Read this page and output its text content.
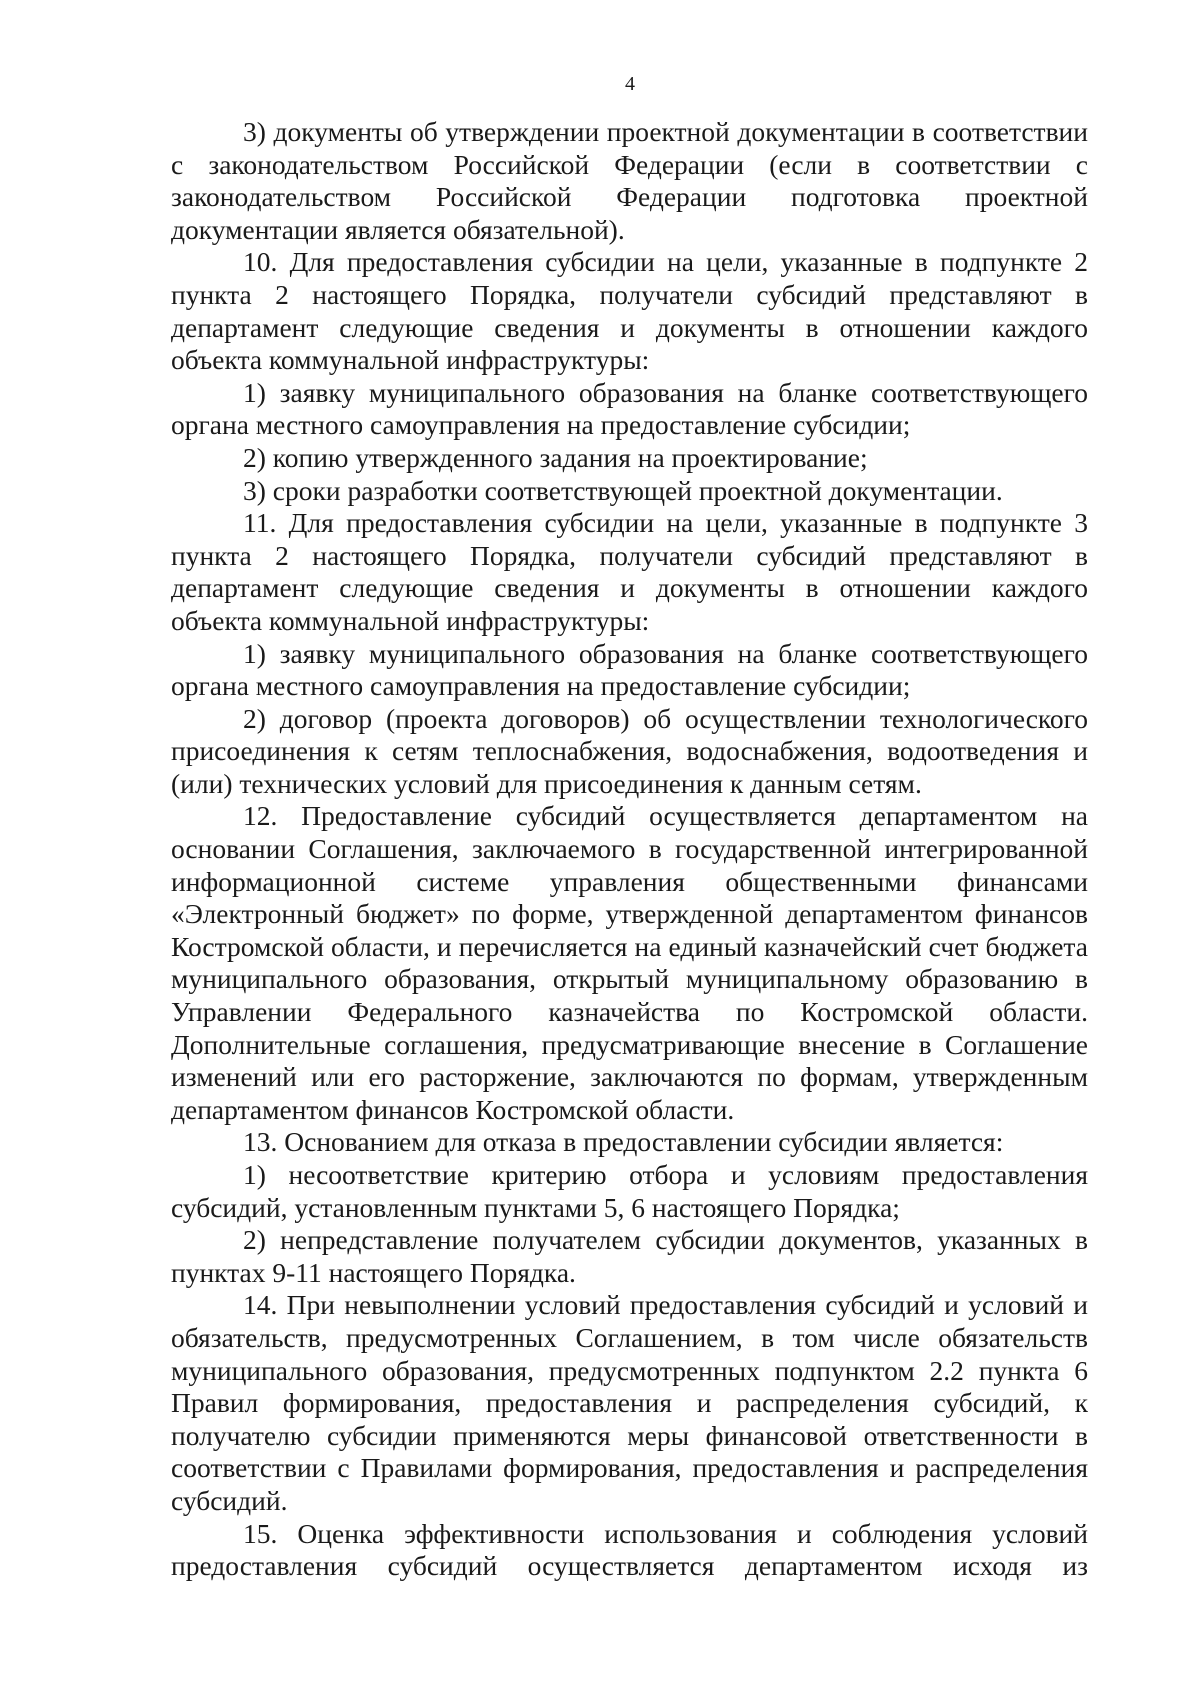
4

3) документы об утверждении проектной документации в соответствии с законодательством Российской Федерации (если в соответствии с законодательством Российской Федерации подготовка проектной документации является обязательной).

10. Для предоставления субсидии на цели, указанные в подпункте 2 пункта 2 настоящего Порядка, получатели субсидий представляют в департамент следующие сведения и документы в отношении каждого объекта коммунальной инфраструктуры:

1) заявку муниципального образования на бланке соответствующего органа местного самоуправления на предоставление субсидии;

2) копию утвержденного задания на проектирование;

3) сроки разработки соответствующей проектной документации.

11. Для предоставления субсидии на цели, указанные в подпункте 3 пункта 2 настоящего Порядка, получатели субсидий представляют в департамент следующие сведения и документы в отношении каждого объекта коммунальной инфраструктуры:

1) заявку муниципального образования на бланке соответствующего органа местного самоуправления на предоставление субсидии;

2) договор (проекта договоров) об осуществлении технологического присоединения к сетям теплоснабжения, водоснабжения, водоотведения и (или) технических условий для присоединения к данным сетям.

12. Предоставление субсидий осуществляется департаментом на основании Соглашения, заключаемого в государственной интегрированной информационной системе управления общественными финансами «Электронный бюджет» по форме, утвержденной департаментом финансов Костромской области, и перечисляется на единый казначейский счет бюджета муниципального образования, открытый муниципальному образованию в Управлении Федерального казначейства по Костромской области. Дополнительные соглашения, предусматривающие внесение в Соглашение изменений или его расторжение, заключаются по формам, утвержденным департаментом финансов Костромской области.

13. Основанием для отказа в предоставлении субсидии является:

1) несоответствие критерию отбора и условиям предоставления субсидий, установленным пунктами 5, 6 настоящего Порядка;

2) непредставление получателем субсидии документов, указанных в пунктах 9-11 настоящего Порядка.

14. При невыполнении условий предоставления субсидий и условий и обязательств, предусмотренных Соглашением, в том числе обязательств муниципального образования, предусмотренных подпунктом 2.2 пункта 6 Правил формирования, предоставления и распределения субсидий, к получателю субсидии применяются меры финансовой ответственности в соответствии с Правилами формирования, предоставления и распределения субсидий.

15. Оценка эффективности использования и соблюдения условий предоставления субсидий осуществляется департаментом исходя из
